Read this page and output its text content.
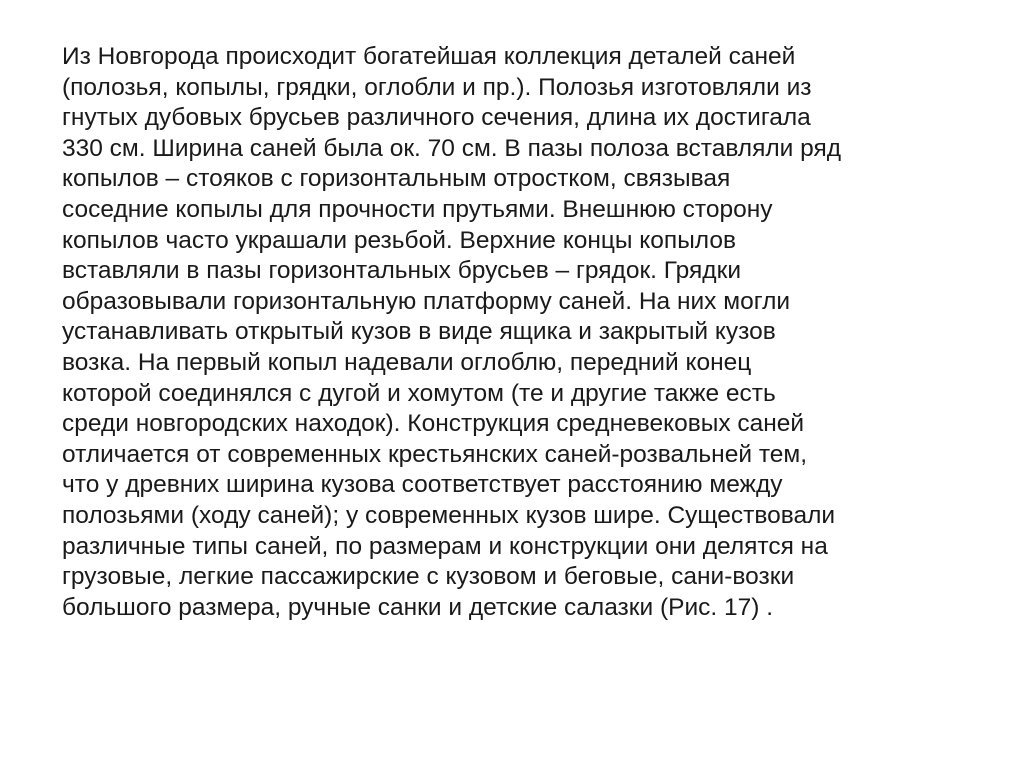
Из Новгорода происходит богатейшая коллекция деталей саней
(полозья, копылы, грядки, оглобли и пр.). Полозья изготовляли из
гнутых дубовых брусьев различного сечения, длина их достигала
330 см. Ширина саней была ок. 70 см. В пазы полоза вставляли ряд
копылов – стояков с горизонтальным отростком, связывая
соседние копылы для прочности прутьями. Внешнюю сторону
копылов часто украшали резьбой. Верхние концы копылов
вставляли в пазы горизонтальных брусьев – грядок. Грядки
образовывали горизонтальную платформу саней. На них могли
устанавливать открытый кузов в виде ящика и закрытый кузов
возка. На первый копыл надевали оглоблю, передний конец
которой соединялся с дугой и хомутом (те и другие также есть
среди новгородских находок). Конструкция средневековых саней
отличается от современных крестьянских саней-розвальней тем,
что у древних ширина кузова соответствует расстоянию между
полозьями (ходу саней); у современных кузов шире. Существовали
различные типы саней, по размерам и конструкции они делятся на
грузовые, легкие пассажирские с кузовом и беговые, сани-возки
большого размера, ручные санки и детские салазки (Рис. 17) .
